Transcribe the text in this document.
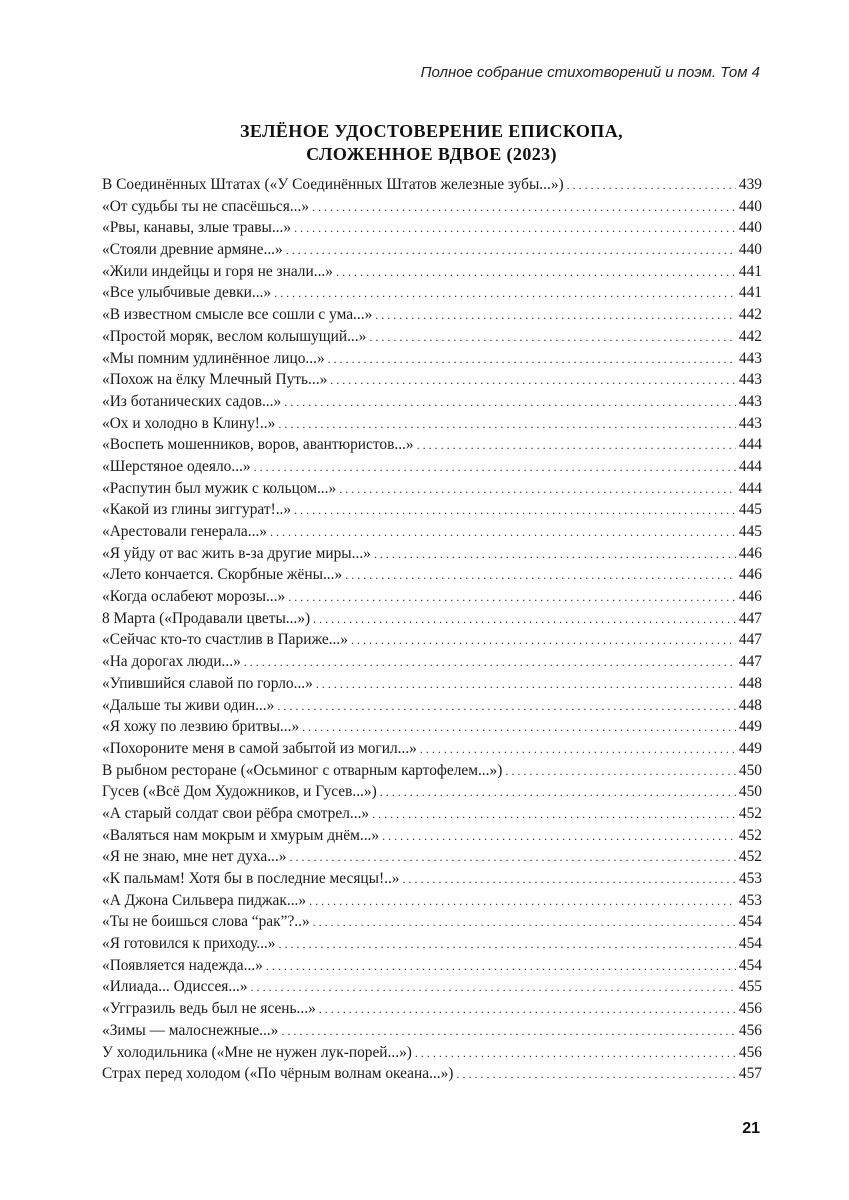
Полное собрание стихотворений и поэм. Том 4
ЗЕЛЁНОЕ УДОСТОВЕРЕНИЕ ЕПИСКОПА,
СЛОЖЕННОЕ ВДВОЕ (2023)
В Соединённых Штатах («У Соединённых Штатов железные зубы...») . . .	439
«От судьбы ты не спасёшься...» . . .	440
«Рвы, канавы, злые травы...» . . .	440
«Стояли древние армяне...» . . .	440
«Жили индейцы и горя не знали...» . . .	441
«Все улыбчивые девки...» . . .	441
«В известном смысле все сошли с ума...» . . .	442
«Простой моряк, веслом колышущий...» . . .	442
«Мы помним удлинённое лицо...» . . .	443
«Похож на ёлку Млечный Путь...» . . .	443
«Из ботанических садов...» . . .	443
«Ох и холодно в Клину!..» . . .	443
«Воспеть мошенников, воров, авантюристов...» . . .	444
«Шерстяное одеяло...» . . .	444
«Распутин был мужик с кольцом...» . . .	444
«Какой из глины зиггурат!..» . . .	445
«Арестовали генерала...» . . .	445
«Я уйду от вас жить в-за другие миры...» . . .	446
«Лето кончается. Скорбные жёны...» . . .	446
«Когда ослабеют морозы...» . . .	446
8 Марта («Продавали цветы...») . . .	447
«Сейчас кто-то счастлив в Париже...» . . .	447
«На дорогах люди...» . . .	447
«Упившийся славой по горло...» . . .	448
«Дальше ты живи один...» . . .	448
«Я хожу по лезвию бритвы...» . . .	449
«Похороните меня в самой забытой из могил...» . . .	449
В рыбном ресторане («Осьминог с отварным картофелем...») . . .	450
Гусев («Всё Дом Художников, и Гусев...») . . .	450
«А старый солдат свои рёбра смотрел...» . . .	452
«Валяться нам мокрым и хмурым днём...» . . .	452
«Я не знаю, мне нет духа...» . . .	452
«К пальмам! Хотя бы в последние месяцы!..» . . .	453
«А Джона Сильвера пиджак...» . . .	453
«Ты не боишься слова “рак”?..» . . .	454
«Я готовился к приходу...» . . .	454
«Появляется надежда...» . . .	454
«Илиада... Одиссея...» . . .	455
«Уггразиль ведь был не ясень...» . . .	456
«Зимы — малоснежные...» . . .	456
У холодильника («Мне не нужен лук-порей...») . . .	456
Страх перед холодом («По чёрным волнам океана...») . . .	457
21
